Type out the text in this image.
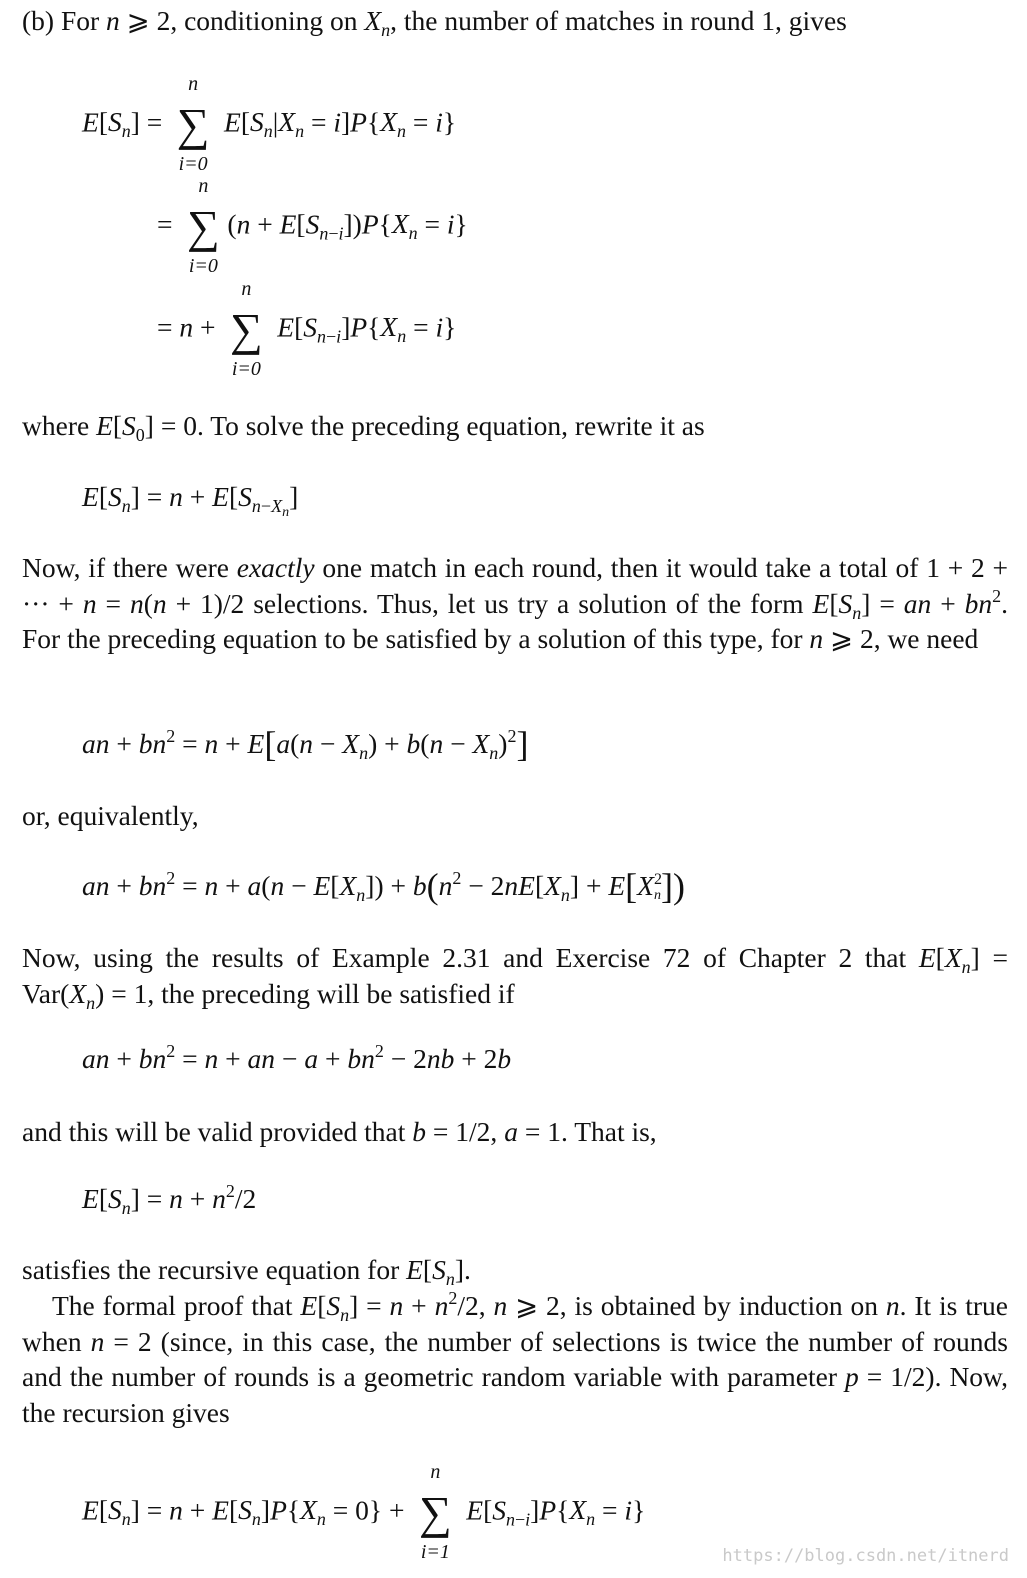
(b) For n ⩾ 2, conditioning on $X_n$, the number of matches in round 1, gives
$E[S_n]$ =
n
∑
i=0
$E[S_n|X_n = i]P\{X_n = i\}$
=
n
∑
i=0
$(n + E[S_{n-i}])P\{X_n = i\}$
= n +
n
∑
i=0
$E[S_{n-i}]P\{X_n = i\}$
where $E[S_0] = 0$. To solve the preceding equation, rewrite it as
$E[S_n] = n + E[S_{n-X_n}]$
Now, if there were exactly one match in each round, then it would take a total of 1 + 2 + ··· + n = n(n + 1)/2 selections. Thus, let us try a solution of the form $E[S_n]$ = an + $bn^2$. For the preceding equation to be satisfied by a solution of this type, for n ⩾ 2, we need
an + $bn^2 = n + E[a(n - X_n) + b(n - X_n)^2]$
or, equivalently,
an + $bn^2 = n + a(n - E[X_n]) + b(n^2 - 2nE[X_n] + E[X^2n])$
Now, using the results of Example 2.31 and Exercise 72 of Chapter 2 that $E[X_n] = Var(X_n) = 1$, the preceding will be satisfied if
an + $bn^2 = n$ + an − $a + bn^2 - 2nb + 2b$
and this will be valid provided that b = 1/2, a = 1. That is,
$E[S_n] = n + n^2/2$
satisfies the recursive equation for $E[S_n]$.
The formal proof that $E[S_n] = n + n^2/2$, n ⩾ 2, is obtained by induction on n. It is true when n = 2 (since, in this case, the number of selections is twice the number of rounds and the number of rounds is a geometric random variable with parameter p = 1/2). Now, the recursion gives
$E[S_n] = n + E[S_n]P\{X_n = 0\}$ +
n
∑
i=1
$E[S_{n-i}]P\{X_n = i\}$
https://blog.csdn.net/itnerd
